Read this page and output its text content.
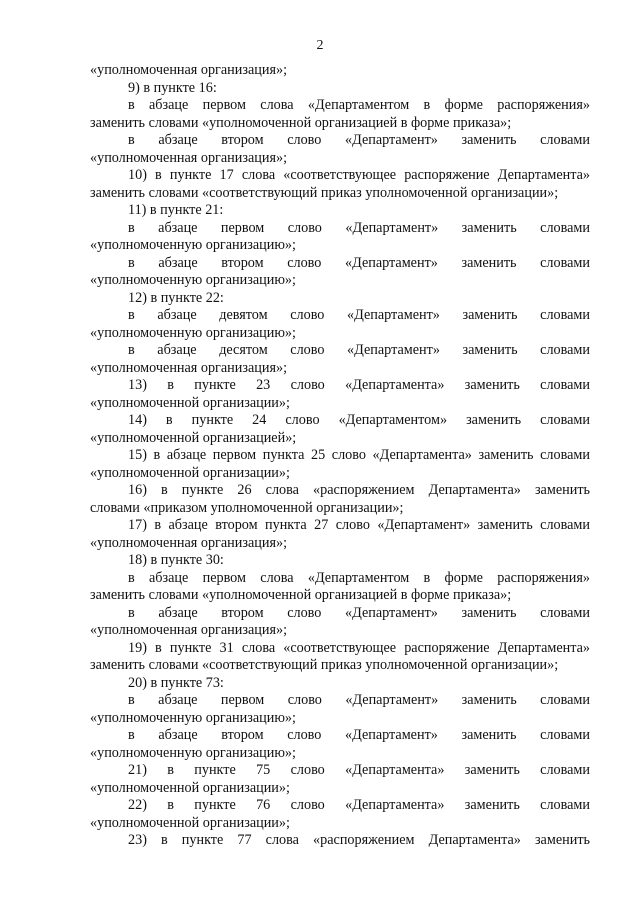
2
«уполномоченная организация»;
9) в пункте 16:
в абзаце первом слова «Департаментом в форме распоряжения»
заменить словами «уполномоченной организацией в форме приказа»;
в абзаце втором слово «Департамент» заменить словами
«уполномоченная организация»;
10) в пункте 17 слова «соответствующее распоряжение Департамента»
заменить словами «соответствующий приказ уполномоченной организации»;
11) в пункте 21:
в абзаце первом слово «Департамент» заменить словами
«уполномоченную организацию»;
в абзаце втором слово «Департамент» заменить словами
«уполномоченную организацию»;
12) в пункте 22:
в абзаце девятом слово «Департамент» заменить словами
«уполномоченную организацию»;
в абзаце десятом слово «Департамент» заменить словами
«уполномоченная организация»;
13) в пункте 23 слово «Департамента» заменить словами
«уполномоченной организации»;
14) в пункте 24 слово «Департаментом» заменить словами
«уполномоченной организацией»;
15) в абзаце первом пункта 25 слово «Департамента» заменить словами
«уполномоченной организации»;
16) в пункте 26 слова «распоряжением Департамента» заменить
словами «приказом уполномоченной организации»;
17) в абзаце втором пункта 27 слово «Департамент» заменить словами
«уполномоченная организация»;
18) в пункте 30:
в абзаце первом слова «Департаментом в форме распоряжения»
заменить словами «уполномоченной организацией в форме приказа»;
в абзаце втором слово «Департамент» заменить словами
«уполномоченная организация»;
19) в пункте 31 слова «соответствующее распоряжение Департамента»
заменить словами «соответствующий приказ уполномоченной организации»;
20) в пункте 73:
в абзаце первом слово «Департамент» заменить словами
«уполномоченную организацию»;
в абзаце втором слово «Департамент» заменить словами
«уполномоченную организацию»;
21) в пункте 75 слово «Департамента» заменить словами
«уполномоченной организации»;
22) в пункте 76 слово «Департамента» заменить словами
«уполномоченной организации»;
23) в пункте 77 слова «распоряжением Департамента» заменить
